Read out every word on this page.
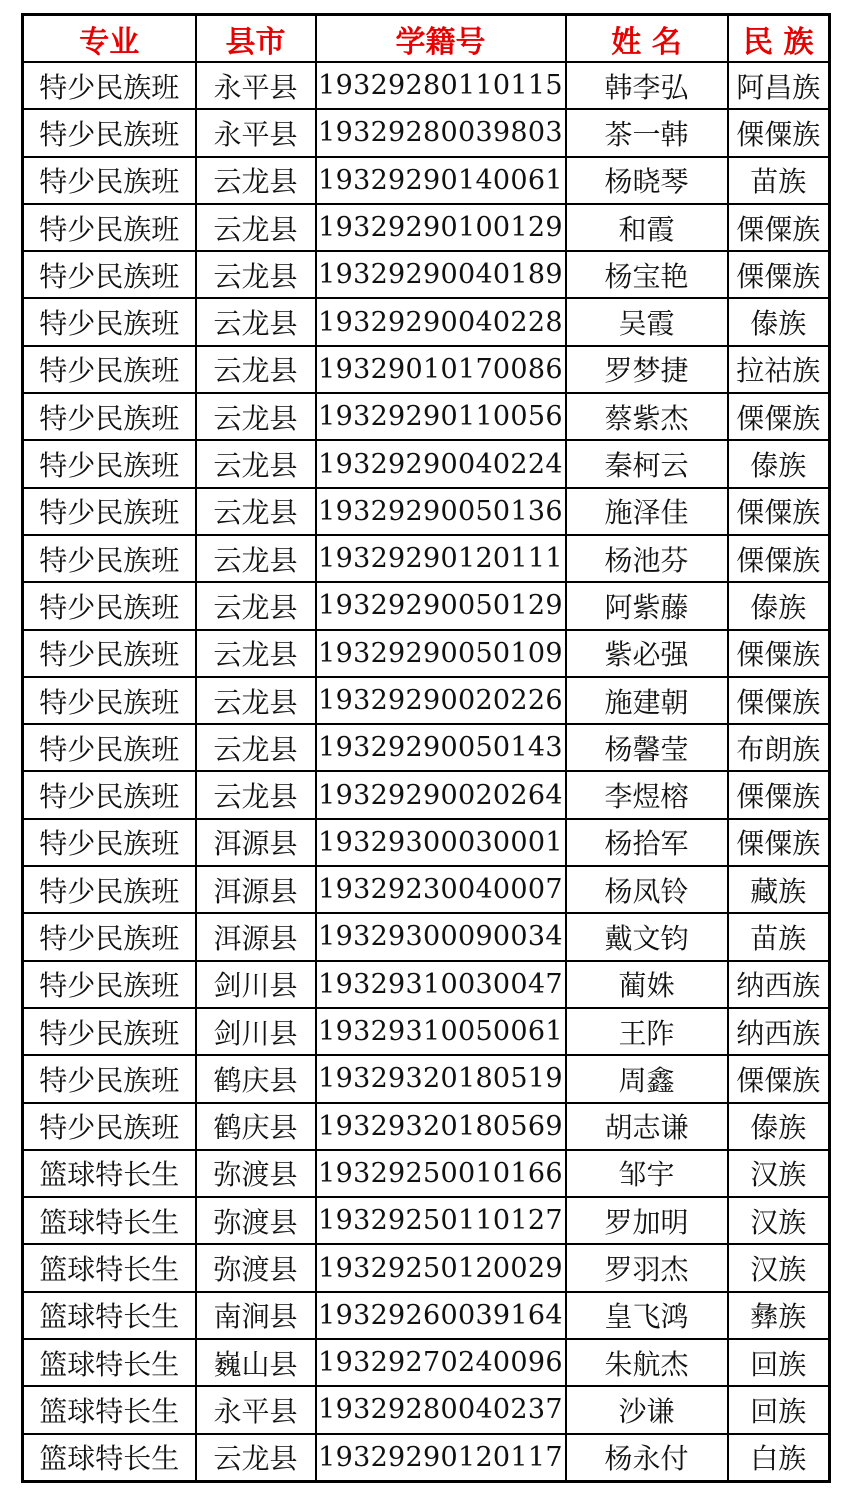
专业	县市	学籍号	姓 名	民 族
特少民族班	永平县	19329280110115	韩李弘	阿昌族
特少民族班	永平县	19329280039803	茶一韩	傈僳族
特少民族班	云龙县	19329290140061	杨晓琴	苗族
特少民族班	云龙县	19329290100129	和霞	傈僳族
特少民族班	云龙县	19329290040189	杨宝艳	傈僳族
特少民族班	云龙县	19329290040228	吴霞	傣族
特少民族班	云龙县	19329010170086	罗梦捷	拉祜族
特少民族班	云龙县	19329290110056	蔡紫杰	傈僳族
特少民族班	云龙县	19329290040224	秦柯云	傣族
特少民族班	云龙县	19329290050136	施泽佳	傈僳族
特少民族班	云龙县	19329290120111	杨池芬	傈僳族
特少民族班	云龙县	19329290050129	阿紫藤	傣族
特少民族班	云龙县	19329290050109	紫必强	傈僳族
特少民族班	云龙县	19329290020226	施建朝	傈僳族
特少民族班	云龙县	19329290050143	杨馨莹	布朗族
特少民族班	云龙县	19329290020264	李煜榕	傈僳族
特少民族班	洱源县	19329300030001	杨拾军	傈僳族
特少民族班	洱源县	19329230040007	杨凤铃	藏族
特少民族班	洱源县	19329300090034	戴文钧	苗族
特少民族班	剑川县	19329310030047	蔺姝	纳西族
特少民族班	剑川县	19329310050061	王阼	纳西族
特少民族班	鹤庆县	19329320180519	周鑫	傈僳族
特少民族班	鹤庆县	19329320180569	胡志谦	傣族
篮球特长生	弥渡县	19329250010166	邹宇	汉族
篮球特长生	弥渡县	19329250110127	罗加明	汉族
篮球特长生	弥渡县	19329250120029	罗羽杰	汉族
篮球特长生	南涧县	19329260039164	皇飞鸿	彝族
篮球特长生	巍山县	19329270240096	朱航杰	回族
篮球特长生	永平县	19329280040237	沙谦	回族
篮球特长生	云龙县	19329290120117	杨永付	白族
